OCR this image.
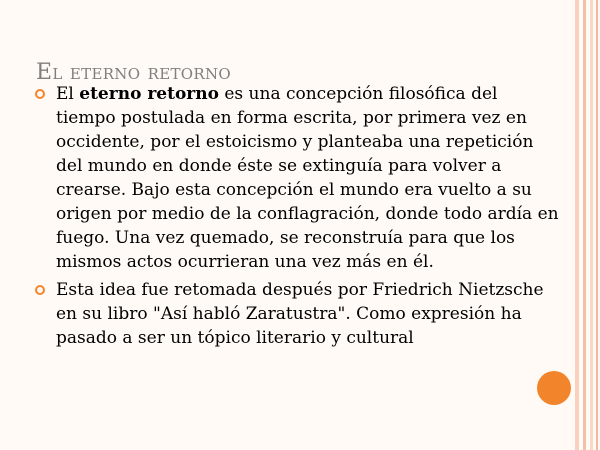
El eterno retorno
El eterno retorno es una concepción filosófica del tiempo postulada en forma escrita, por primera vez en occidente, por el estoicismo y planteaba una repetición del mundo en donde éste se extinguía para volver a crearse. Bajo esta concepción el mundo era vuelto a su origen por medio de la conflagración, donde todo ardía en fuego. Una vez quemado, se reconstruía para que los mismos actos ocurrieran una vez más en él.
Esta idea fue retomada después por Friedrich Nietzsche en su libro "Así habló Zaratustra". Como expresión ha pasado a ser un tópico literario y cultural
